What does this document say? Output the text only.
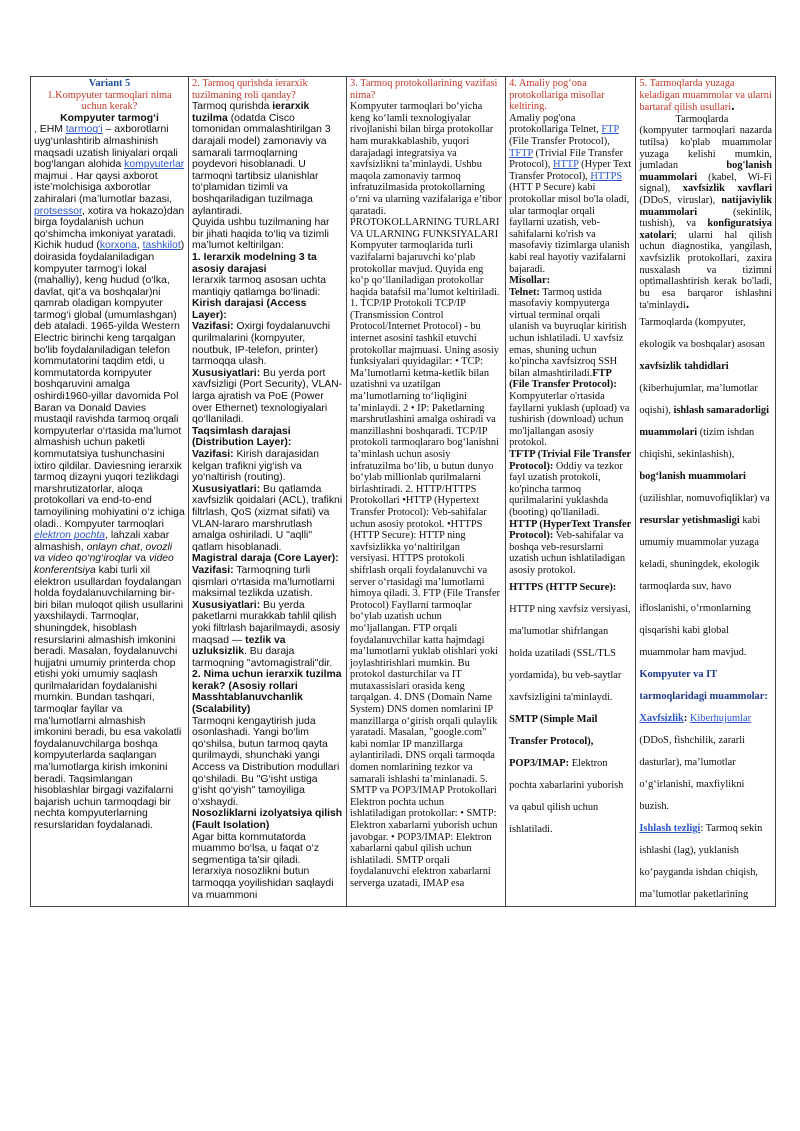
Variant 5
1.Kompyuter tarmoqlari nima uchun kerak?
Kompyuter tarmog‘i
, EHM tarmog‘i – axborotlarni uyg‘unlashtirib almashinish maqsadi uzatish liniyalari orqali bog‘langan alohida kompyuterlar majmui . Har qaysi axborot iste’molchisiga axborotlar zahiralari (ma’lumotlar bazasi, protsessor, xotira va hokazo)dan birga foydalanish uchun qo‘shimcha imkoniyat yaratadi. Kichik hudud (korxona, tashkilot) doirasida foydalaniladigan kompyuter tarmog‘i lokal (mahalliy), keng hudud (o‘lka, davlat, qit’a va boshqalar)ni qamrab oladigan kompyuter tarmog‘i global (umumlashgan) deb ataladi. 1965-yilda Western Electric birinchi keng tarqalgan bo'lib foydalaniladigan telefon kommutatorini taqdim etdi, u kommutatorda kompyuter boshqaruvini amalga oshirdi1960-yillar davomida Pol Baran va Donald Davies mustaqil ravishda tarmoq orqali kompyuterlar o‘rtasida ma’lumot almashish uchun paketli kommutatsiya tushunchasini ixtiro qildilar. Daviesning ierarxik tarmoq dizayni yuqori tezlikdagi marshrutizatorlar, aloqa protokollari va end-to-end tamoyilining mohiyatini o‘z ichiga oladi.. Kompyuter tarmoqlari elektron pochta, lahzali xabar almashish, onlayn chat, ovozli va video qo‘ng‘iroqlar va video konferentsiya kabi turli xil elektron usullardan foydalangan holda foydalanuvchilarning bir-biri bilan muloqot qilish usullarini yaxshilaydi. Tarmoqlar, shuningdek, hisoblash resurslarini almashish imkonini beradi. Masalan, foydalanuvchi hujjatni umumiy printerda chop etishi yoki umumiy saqlash qurilmalaridan foydalanishi mumkin. Bundan tashqari, tarmoqlar fayllar va ma’lumotlarni almashish imkonini beradi, bu esa vakolatli foydalanuvchilarga boshqa kompyuterlarda saqlangan ma’lumotlarga kirish imkonini beradi. Taqsimlangan hisoblashlar birgagi vazifalarni bajarish uchun tarmoqdagi bir nechta kompyuterlarning resurslaridan foydalanadi.

2. Tarmoq qurishda ierarxik tuzilmaning roli qanday?

Tarmoq qurishda ierarxik tuzilma (odatda Cisco tomonidan ommalashtirilgan 3 darajali model) zamonaviy va samarali tarmoqlarning poydevori hisoblanadi. U tarmoqni tartibsiz ulanishlar to‘plamidan tizimli va boshqariladigan tuzilmaga aylantiradi.

Quyida ushbu tuzilmaning har bir jihati haqida to‘liq va tizimli ma’lumot keltirilgan:

1. Ierarxik modelning 3 ta asosiy darajasi

Ierarxik tarmoq asosan uchta mantiqiy qatlamga bo‘linadi:

Kirish darajasi (Access Layer):

Vazifasi: Oxirgi foydalanuvchi qurilmalarini (kompyuter, noutbuk, IP-telefon, printer) tarmoqqa ulash.

Xususiyatlari: Bu yerda port xavfsizligi (Port Security), VLAN-larga ajratish va PoE (Power over Ethernet) texnologiyalari qo‘llaniladi.

Taqsimlash darajasi (Distribution Layer):

Vazifasi: Kirish darajasidan kelgan trafikni yig‘ish va yo‘naltirish (routing).

Xususiyatlari: Bu qatlamda xavfsizlik qoidalari (ACL), trafikni filtrlash, QoS (xizmat sifati) va VLAN-lararo marshrutlash amalga oshiriladi. U "aqlli" qatlam hisoblanadi.

Magistral daraja (Core Layer):

Vazifasi: Tarmoqning turli qismlari o‘rtasida ma’lumotlarni maksimal tezlikda uzatish.

Xususiyatlari: Bu yerda paketlarni murakkab tahlil qilish yoki filtrlash bajarilmaydi, asosiy maqsad — tezlik va uzluksizlik. Bu daraja tarmoqning "avtomagistrali"dir.

2. Nima uchun ierarxik tuzilma kerak? (Asosiy rollari

Masshtablanuvchanlik (Scalability)

Tarmoqni kengaytirish juda osonlashadi. Yangi bo‘lim qo‘shilsa, butun tarmoq qayta qurilmaydi, shunchaki yangi Access va Distribution modullari qo‘shiladi. Bu "G‘isht ustiga g‘isht qo‘yish" tamoyiliga o‘xshaydi.

Nosozliklarni izolyatsiya qilish (Fault Isolation)

Agar bitta kommutatorda muammo bo‘lsa, u faqat o‘z segmentiga ta’sir qiladi. Ierarxiya nosozlikni butun tarmoqqa yoyilishidan saqlaydi va muammoni

3. Tarmoq protokollarining vazifasi nima?
Kompyuter tarmoqlari bo‘yicha keng ko‘lamli texnologiyalar rivojlanishi bilan birga protokollar ham murakkablashib, yuqori darajadagi integratsiya va xavfsizlikni ta’minlaydi. Ushbu maqola zamonaviy tarmoq infratuzilmasida protokollarning o‘rni va ularning vazifalariga e’tibor qaratadi.
PROTOKOLLARNING TURLARI VA ULARNING FUNKSIYALARI
Kompyuter tarmoqlarida turli vazifalarni bajaruvchi ko‘plab protokollar mavjud. Quyida eng ko‘p qo‘llaniladigan protokollar haqida batafsil ma’lumot keltiriladi. 1. TCP/IP Protokoli TCP/IP (Transmission Control Protocol/Internet Protocol) - bu internet asosini tashkil etuvchi protokollar majmuasi. Uning asosiy funksiyalari quyidagilar: • TCP: Ma’lumotlarni ketma-ketlik bilan uzatishni va uzatilgan ma’lumotlarning to‘liqligini ta’minlaydi. 2 • IP: Paketlarning marshrutlashini amalga oshiradi va manzillashni boshqaradi. TCP/IP protokoli tarmoqlararo bog‘lanishni ta’minlash uchun asosiy infratuzilma bo‘lib, u butun dunyo bo‘ylab millionlab qurilmalarni birlashtiradi. 2. HTTP/HTTPS Protokollari •HTTP (Hypertext Transfer Protocol): Veb-sahifalar uchun asosiy protokol. •HTTPS (HTTP Secure): HTTP ning xavfsizlikka yo‘naltirilgan versiyasi. HTTPS protokoli shifrlash orqali foydalanuvchi va server o‘rtasidagi ma’lumotlarni himoya qiladi. 3. FTP (File Transfer Protocol) Fayllarni tarmoqlar bo‘ylab uzatish uchun mo‘ljallangan. FTP orqali foydalanuvchilar katta hajmdagi ma’lumotlarni yuklab olishlari yoki joylashtirishlari mumkin. Bu protokol dasturchilar va IT mutaxassislari orasida keng tarqalgan. 4. DNS (Domain Name System) DNS domen nomlarini IP manzillarga o‘girish orqali qulaylik yaratadi. Masalan, "google.com" kabi nomlar IP manzillarga aylantiriladi. DNS orqali tarmoqda domen nomlarining tezkor va samarali ishlashi ta’minlanadi. 5. SMTP va POP3/IMAP Protokollari Elektron pochta uchun ishlatiladigan protokollar: • SMTP: Elektron xabarlarni yuborish uchun javobgar. • POP3/IMAP: Elektron xabarlarni qabul qilish uchun ishlatiladi. SMTP orqali foydalanuvchi elektron xabarlarni serverga uzatadi, IMAP esa

4. Amaliy pog‘ona protokollariga misollar keltiring.

Amaliy pog'ona protokollariga Telnet, FTP (File Transfer Protocol), TFTP (Trivial File Transfer Protocol), HTTP (Hyper Text Transfer Protocol), HTTPS (HTT P Secure) kabi protokollar misol bo'la oladi, ular tarmoqlar orqali fayllarni uzatish, veb-sahifalarni ko'rish va masofaviy tizimlarga ulanish kabi real hayotiy vazifalarni bajaradi.

Misollar:

Telnet: Tarmoq ustida masofaviy kompyuterga virtual terminal orqali ulanish va buyruqlar kiritish uchun ishlatiladi. U xavfsiz emas, shuning uchun ko'pincha xavfsizroq SSH bilan almashtiriladi.FTP (File Transfer Protocol): Kompyuterlar o'rtasida fayllarni yuklash (upload) va tushirish (download) uchun mo'ljallangan asosiy protokol.

TFTP (Trivial File Transfer Protocol): Oddiy va tezkor fayl uzatish protokoli, ko'pincha tarmoq qurilmalarini yuklashda (booting) qo'llaniladi.

HTTP (HyperText Transfer Protocol): Veb-sahifalar va boshqa veb-resurslarni uzatish uchun ishlatiladigan asosiy protokol.

HTTPS (HTTP Secure): HTTP ning xavfsiz versiyasi, ma'lumotlar shifrlangan holda uzatiladi (SSL/TLS yordamida), bu veb-saytlar xavfsizligini ta'minlaydi. SMTP (Simple Mail Transfer Protocol), POP3/IMAP: Elektron pochta xabarlarini yuborish va qabul qilish uchun ishlatiladi.

5. Tarmoqlarda yuzaga keladigan muammolar va ularni bartaraf qilish usullari.

Tarmoqlarda (kompyuter tarmoqlari nazarda tutilsa) ko'plab muammolar yuzaga kelishi mumkin, jumladan bog'lanish muammolari (kabel, Wi-Fi signal), xavfsizlik xavflari (DDoS, viruslar), natijaviylik muammolari (sekinlik, tushish), va konfiguratsiya xatolari; ularni hal qilish uchun diagnostika, yangilash, xavfsizlik protokollari, zaxira nusxalash va tizimni optimallashtirish kerak bo'ladi, bu esa barqaror ishlashni ta'minlaydi.

Tarmoqlarda (kompyuter, ekologik va boshqalar) asosan xavfsizlik tahdidlari (kiberhujumlar, ma’lumotlar oqishi), ishlash samaradorligi muammolari (tizim ishdan chiqishi, sekinlashish), bog‘lanish muammolari (uzilishlar, nomuvofiqliklar) va resurslar yetishmasligi kabi umumiy muammolar yuzaga keladi, shuningdek, ekologik tarmoqlarda suv, havo ifloslanishi, o‘rmonlarning qisqarishi kabi global muammolar ham mavjud.
Kompyuter va IT tarmoqlaridagi muammolar:
Xavfsizlik: Kiberhujumlar (DDoS, fishchilik, zararli dasturlar), ma’lumotlar o‘g‘irlanishi, maxfiylikni buzish.
Ishlash tezligi: Tarmoq sekin ishlashi (lag), yuklanish ko‘payganda ishdan chiqish, ma’lumotlar paketlarining
